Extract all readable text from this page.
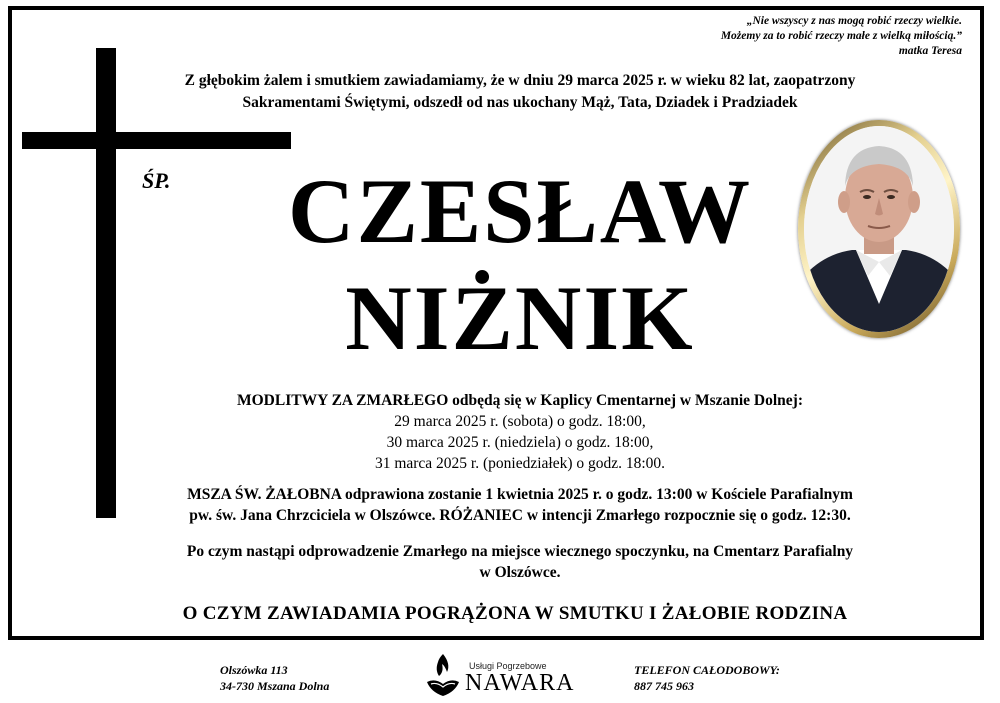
„Nie wszyscy z nas mogą robić rzeczy wielkie.
Możemy za to robić rzeczy małe z wielką miłością.”
matka Teresa
Z głębokim żalem i smutkiem zawiadamiamy, że w dniu 29 marca 2025 r. w wieku 82 lat, zaopatrzony
Sakramentami Świętymi, odszedł od nas ukochany Mąż, Tata, Dziadek i Pradziadek
ŚP.	CZESŁAW
NIŻNIK
MODLITWY ZA ZMARŁEGO odbędą się w Kaplicy Cmentarnej w Mszanie Dolnej:
29 marca 2025 r. (sobota) o godz. 18:00,
30 marca 2025 r. (niedziela) o godz. 18:00,
31 marca 2025 r. (poniedziałek) o godz. 18:00.
MSZA ŚW. ŻAŁOBNA odprawiona zostanie 1 kwietnia 2025 r. o godz. 13:00 w Kościele Parafialnym
pw. św. Jana Chrzciciela w Olszówce. RÓŻANIEC w intencji Zmarłego rozpocznie się o godz. 12:30.
Po czym nastąpi odprowadzenie Zmarłego na miejsce wiecznego spoczynku, na Cmentarz Parafialny
w Olszówce.
O CZYM ZAWIADAMIA POGRĄŻONA W SMUTKU I ŻAŁOBIE RODZINA
Olszówka 113
34-730 Mszana Dolna
Usługi Pogrzebowe
NAWARA	TELEFON CAŁODOBOWY:
887 745 963
